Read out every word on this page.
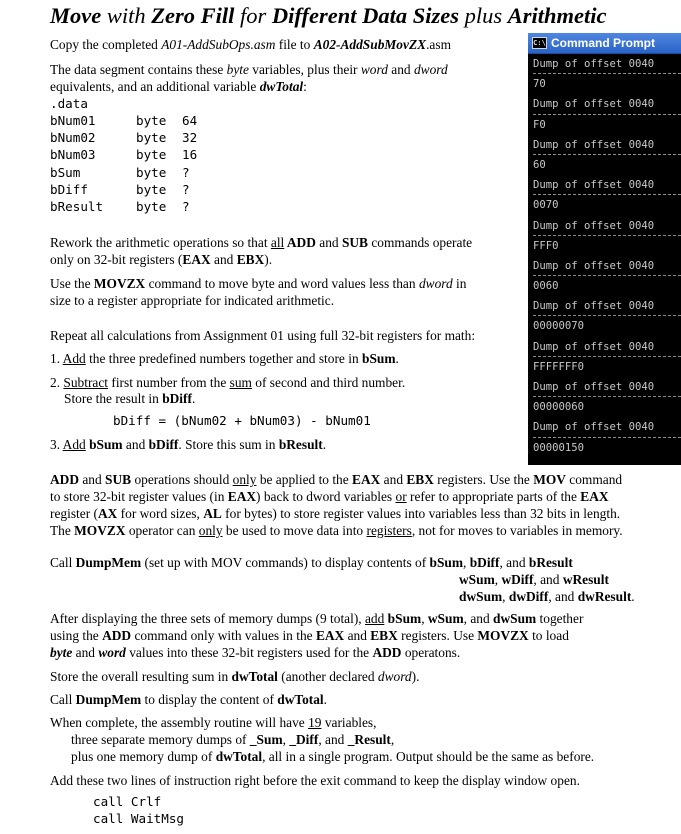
Move with Zero Fill for Different Data Sizes plus Arithmetic
Copy the completed A01-AddSubOps.asm file to A02-AddSubMovZX.asm
The data segment contains these byte variables, plus their word and dword
equivalents, and an additional variable dwTotal:
.data
bNum01	byte	64
bNum02	byte	32
bNum03	byte	16
bSum	byte	?
bDiff	byte	?
bResult	byte	?
Rework the arithmetic operations so that all ADD and SUB commands operate
only on 32-bit registers (EAX and EBX).
Use the MOVZX command to move byte and word values less than dword in
size to a register appropriate for indicated arithmetic.
Repeat all calculations from Assignment 01 using full 32-bit registers for math:
1. Add the three predefined numbers together and store in bSum.
2. Subtract first number from the sum of second and third number.
Store the result in bDiff.
bDiff = (bNum02 + bNum03) - bNum01
3. Add bSum and bDiff. Store this sum in bResult.
C:\ Command Prompt
Dump of offset 0040
70
Dump of offset 0040
F0
Dump of offset 0040
60
Dump of offset 0040
0070
Dump of offset 0040
FFF0
Dump of offset 0040
0060
Dump of offset 0040
00000070
Dump of offset 0040
FFFFFFF0
Dump of offset 0040
00000060
Dump of offset 0040
00000150
ADD and SUB operations should only be applied to the EAX and EBX registers. Use the MOV command
to store 32-bit register values (in EAX) back to dword variables or refer to appropriate parts of the EAX
register (AX for word sizes, AL for bytes) to store register values into variables less than 32 bits in length.
The MOVZX operator can only be used to move data into registers, not for moves to variables in memory.
Call DumpMem (set up with MOV commands) to display contents of bSum, bDiff, and bResult
wSum, wDiff, and wResult
dwSum, dwDiff, and dwResult.
After displaying the three sets of memory dumps (9 total), add bSum, wSum, and dwSum together
using the ADD command only with values in the EAX and EBX registers. Use MOVZX to load
byte and word values into these 32-bit registers used for the ADD operatons.
Store the overall resulting sum in dwTotal (another declared dword).
Call DumpMem to display the content of dwTotal.
When complete, the assembly routine will have 19 variables,
three separate memory dumps of _Sum, _Diff, and _Result,
plus one memory dump of dwTotal, all in a single program. Output should be the same as before.
Add these two lines of instruction right before the exit command to keep the display window open.
call Crlf
call WaitMsg
